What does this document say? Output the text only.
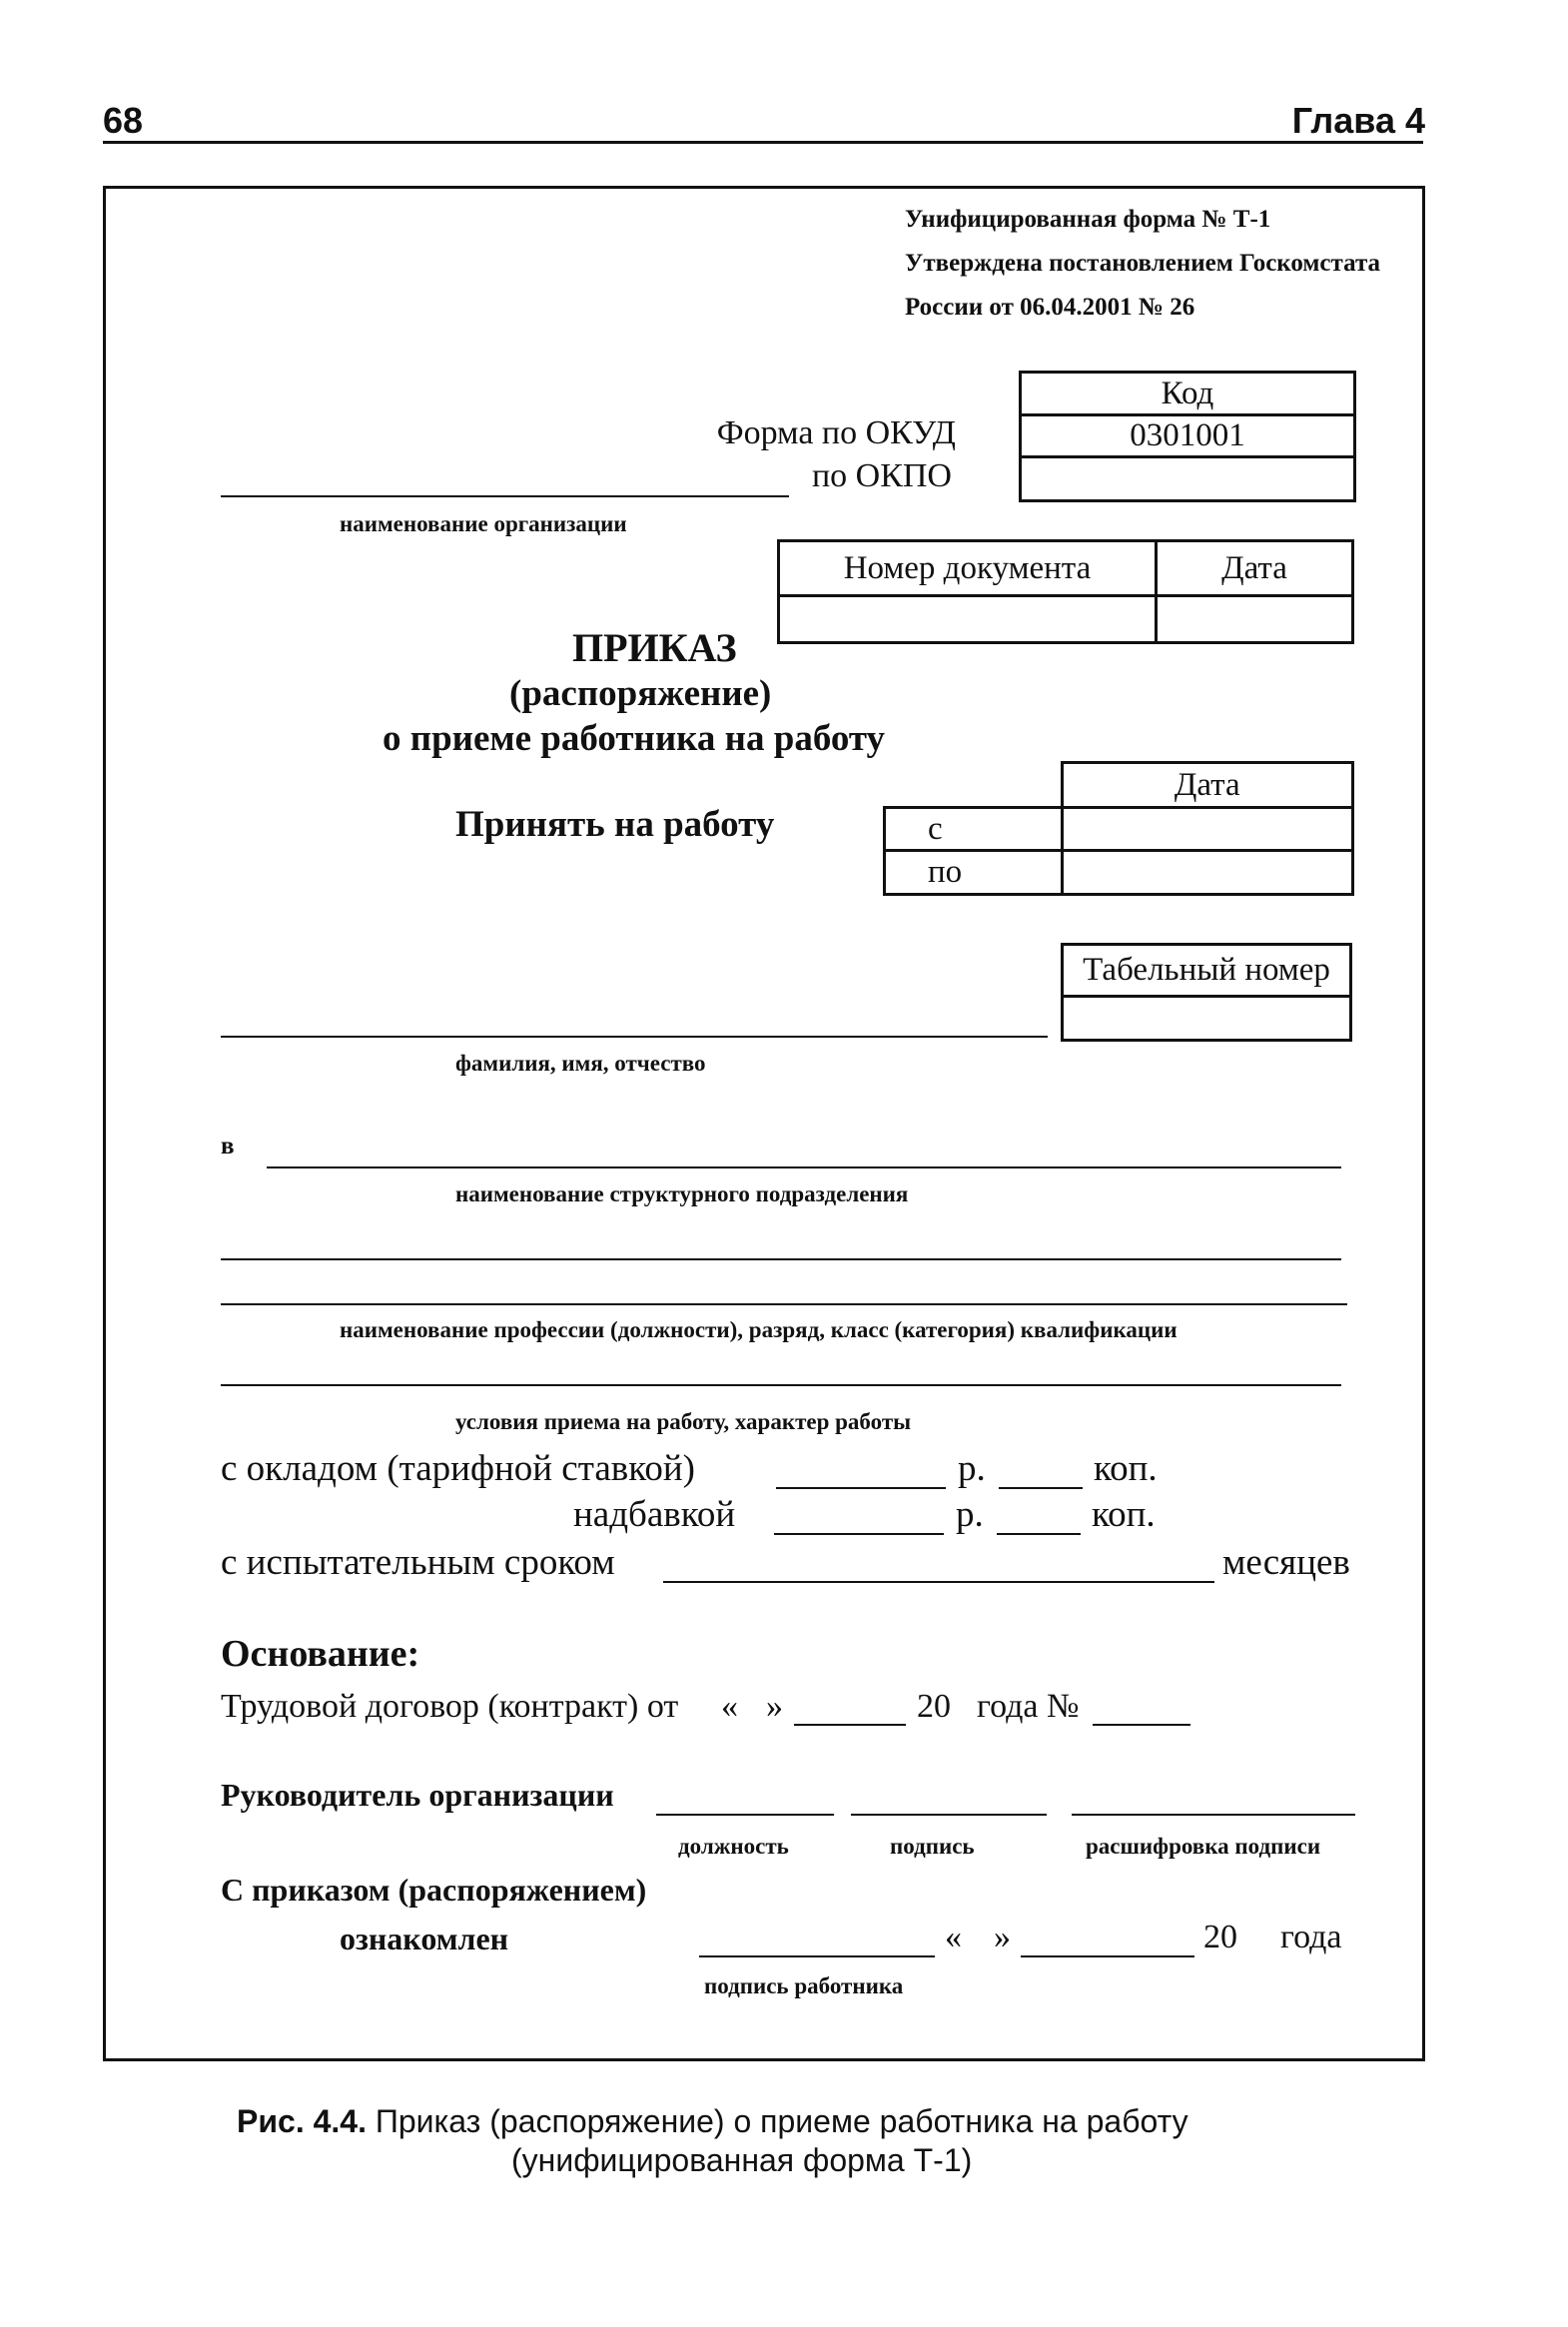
68	Глава 4
Унифицированная форма № Т-1
Утверждена постановлением Госкомстата
России от 06.04.2001 № 26
Код
0301001

Форма по ОКУД
по ОКПО
наименование организации
Номер документа	Дата

ПРИКАЗ
(распоряжение)
о приеме работника на работу
Принять на работу
	Дата
с	
по	
Табельный номер

фамилия, имя, отчество
в
наименование структурного подразделения
наименование профессии (должности), разряд, класс (категория) квалификации
условия приема на работу, характер работы
с окладом (тарифной ставкой)	р.	коп.
надбавкой	р.	коп.
с испытательным сроком	месяцев
Основание:
Трудовой договор (контракт) от « »	20 года №
Руководитель организации
должность	подпись	расшифровка подписи
С приказом (распоряжением)
ознакомлен	« »	20 года
подпись работника
Рис. 4.4. Приказ (распоряжение) о приеме работника на работу
(унифицированная форма Т-1)
